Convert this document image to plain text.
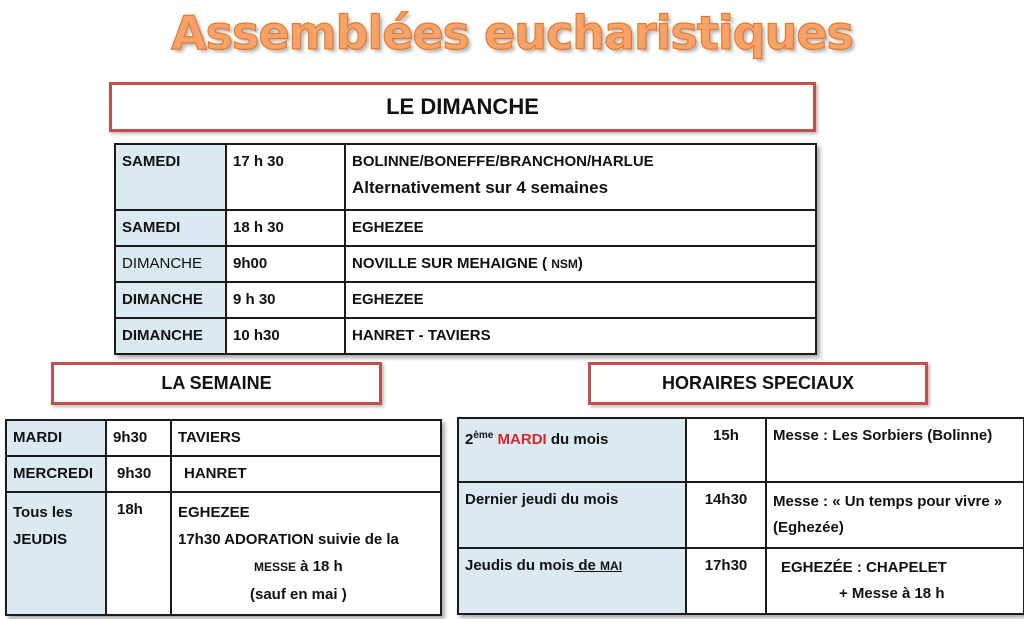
Assemblées eucharistiques
LE DIMANCHE
SAMEDI	17 h 30	BOLINNE/BONEFFE/BRANCHON/HARLUE
Alternativement sur 4 semaines

SAMEDI	18 h 30	EGHEZEE
DIMANCHE	9h00	NOVILLE SUR MEHAIGNE ( NSM)
DIMANCHE	9 h 30	EGHEZEE
DIMANCHE	10 h30	HANRET - TAVIERS
LA SEMAINE
MARDI	9h30	TAVIERS
MERCREDI	9h30	HANRET
Tous les JEUDIS	18h	EGHEZEE
17h30 ADORATION suivie de la
MESSE à 18 h
(sauf en mai )
HORAIRES SPECIAUX
2ème MARDI du mois	15h	Messe : Les Sorbiers (Bolinne)
Dernier jeudi du mois	14h30	Messe : « Un temps pour vivre » (Eghezée)
Jeudis du mois de MAI	17h30	EGHEZÉE : CHAPELET
+ Messe à 18 h
